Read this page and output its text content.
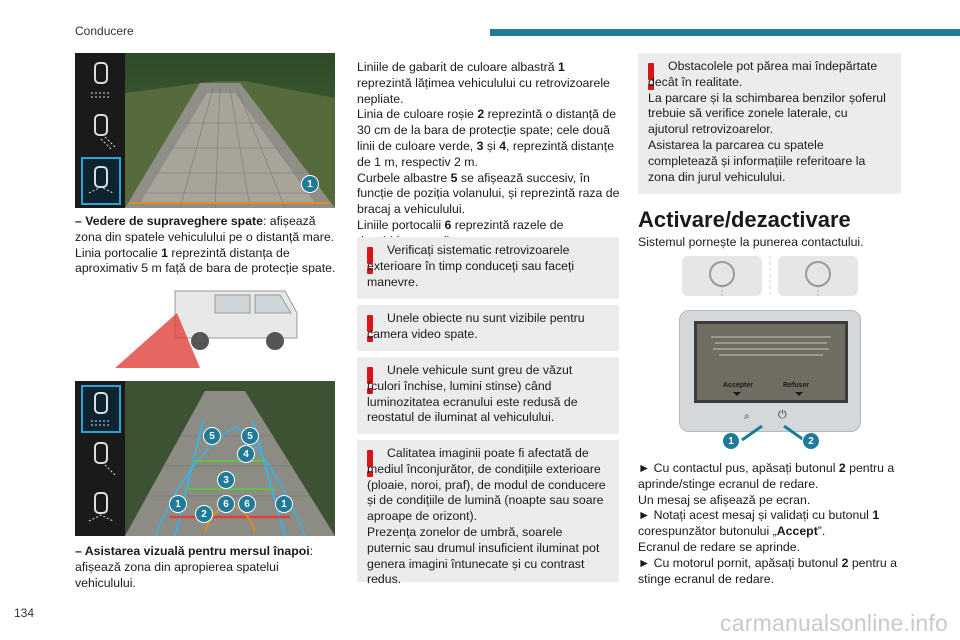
Conducere
1
– Vedere de supraveghere spate: afișează zona din spatele vehiculului pe o distanță mare. Linia portocalie 1 reprezintă distanța de aproximativ 5 m față de bara de protecție spate.
5	5
4
3
1	6	6	1
2
– Asistarea vizuală pentru mersul înapoi: afișează zona din apropierea spatelui vehiculului.
Liniile de gabarit de culoare albastră 1 reprezintă lățimea vehiculului cu retrovizoarele nepliate.
Linia de culoare roșie 2 reprezintă o distanță de 30 cm de la bara de protecție spate; cele două linii de culoare verde, 3 și 4, reprezintă distanțe de 1 m, respectiv 2 m.
Curbele albastre 5 se afișează succesiv, în funcție de poziția volanului, și reprezintă raza de bracaj a vehiculului.
Liniile portocalii 6 reprezintă razele de
Verificați sistematic retrovizoarele exterioare în timp conduceți sau faceți manevre.
Unele obiecte nu sunt vizibile pentru camera video spate.
Unele vehicule sunt greu de văzut (culori închise, lumini stinse) când luminozitatea ecranului este redusă de reostatul de iluminat al vehiculului.
Calitatea imaginii poate fi afectată de mediul înconjurător, de condițiile exterioare (ploaie, noroi, praf), de modul de conducere și de condițiile de lumină (noapte sau soare aproape de orizont).
Prezența zonelor de umbră, soarele puternic sau drumul insuficient iluminat pot genera imagini întunecate și cu contrast redus.
Obstacolele pot părea mai îndepărtate decât în realitate.
La parcare și la schimbarea benzilor șoferul trebuie să verifice zonele laterale, cu ajutorul retrovizoarelor.
Asistarea la parcarea cu spatele completează și informațiile referitoare la zona din jurul vehiculului.
Activare/dezactivare
Sistemul pornește la punerea contactului.
Accepter	Refuser
⌕	⏻
1	2
► Cu contactul pus, apăsați butonul 2 pentru a aprinde/stinge ecranul de redare.
Un mesaj se afișează pe ecran.
► Notați acest mesaj și validați cu butonul 1
corespunzător butonului „Accept”.
Ecranul de redare se aprinde.
► Cu motorul pornit, apăsați butonul 2 pentru a stinge ecranul de redare.
134	carmanualsonline.info
